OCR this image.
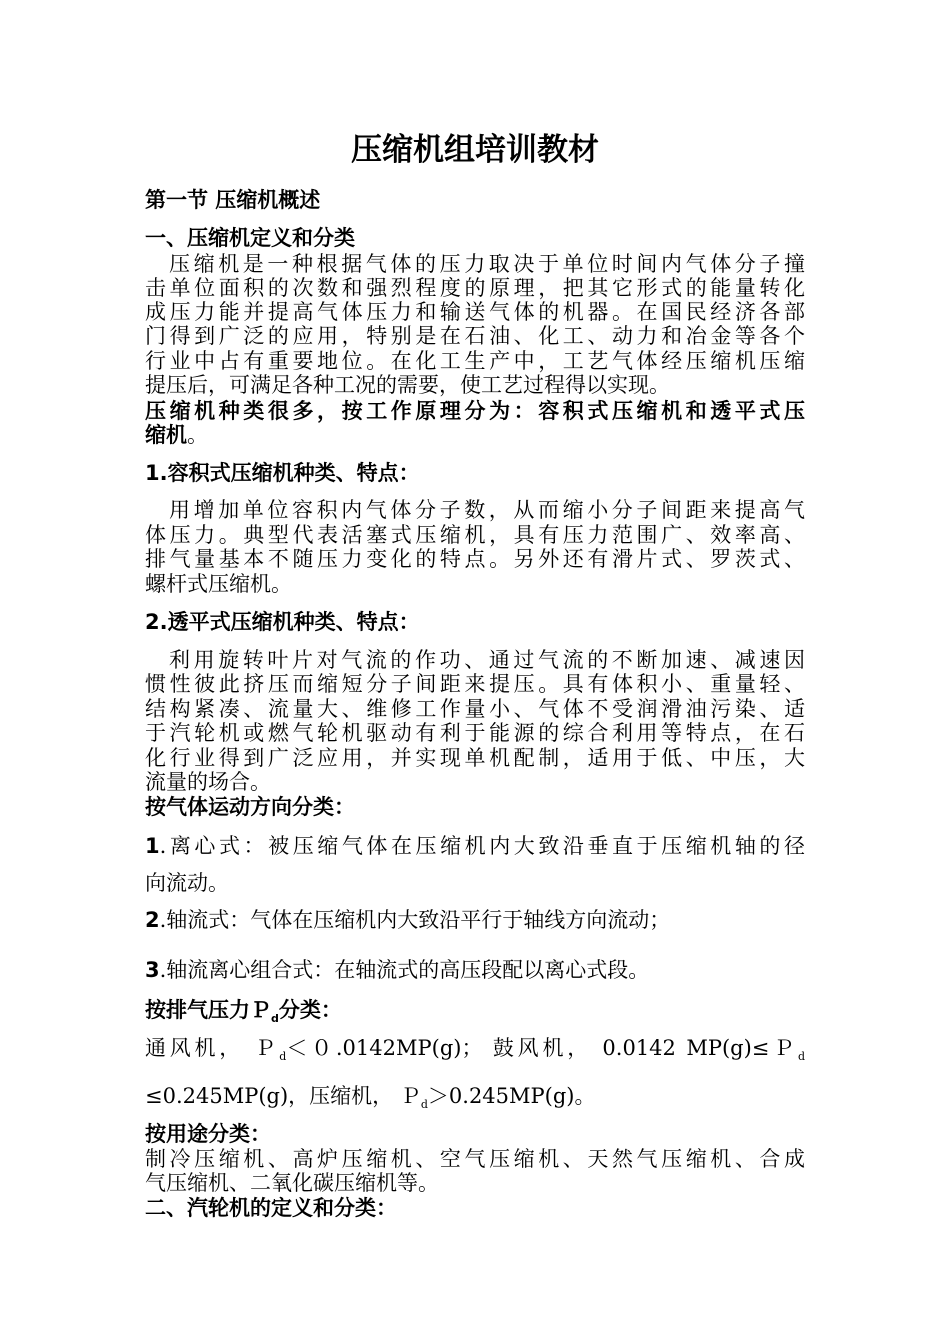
压缩机组培训教材
第一节 压缩机概述
一、压缩机定义和分类
压缩机是一种根据气体的压力取决于单位时间内气体分子撞
击单位面积的次数和强烈程度的原理，把其它形式的能量转化
成压力能并提高气体压力和输送气体的机器。在国民经济各部
门得到广泛的应用，特别是在石油、化工、动力和冶金等各个
行业中占有重要地位。在化工生产中，工艺气体经压缩机压缩
提压后，可满足各种工况的需要，使工艺过程得以实现。
压缩机种类很多，按工作原理分为：容积式压缩机和透平式压
缩机。
1.容积式压缩机种类、特点：
用增加单位容积内气体分子数，从而缩小分子间距来提高气
体压力。典型代表活塞式压缩机，具有压力范围广、效率高、
排气量基本不随压力变化的特点。另外还有滑片式、罗茨式、
螺杆式压缩机。
2.透平式压缩机种类、特点：
利用旋转叶片对气流的作功、通过气流的不断加速、减速因
惯性彼此挤压而缩短分子间距来提压。具有体积小、重量轻、
结构紧凑、流量大、维修工作量小、气体不受润滑油污染、适
于汽轮机或燃气轮机驱动有利于能源的综合利用等特点，在石
化行业得到广泛应用，并实现单机配制，适用于低、中压，大
流量的场合。
按气体运动方向分类：
1.离心式：被压缩气体在压缩机内大致沿垂直于压缩机轴的径
向流动。
2.轴流式：气体在压缩机内大致沿平行于轴线方向流动；
3.轴流离心组合式：在轴流式的高压段配以离心式段。
按排气压力Ｐ$_d$分类：
通风机， Ｐ$_d$＜０.0142MP(g)； 鼓风机， 0.0142 MP(g)≤Ｐ$_d$
≤0.245MP(g)，压缩机， Ｐ$_d$＞0.245MP(g)。
按用途分类：
制冷压缩机、高炉压缩机、空气压缩机、天然气压缩机、合成
气压缩机、二氧化碳压缩机等。
二、汽轮机的定义和分类：
